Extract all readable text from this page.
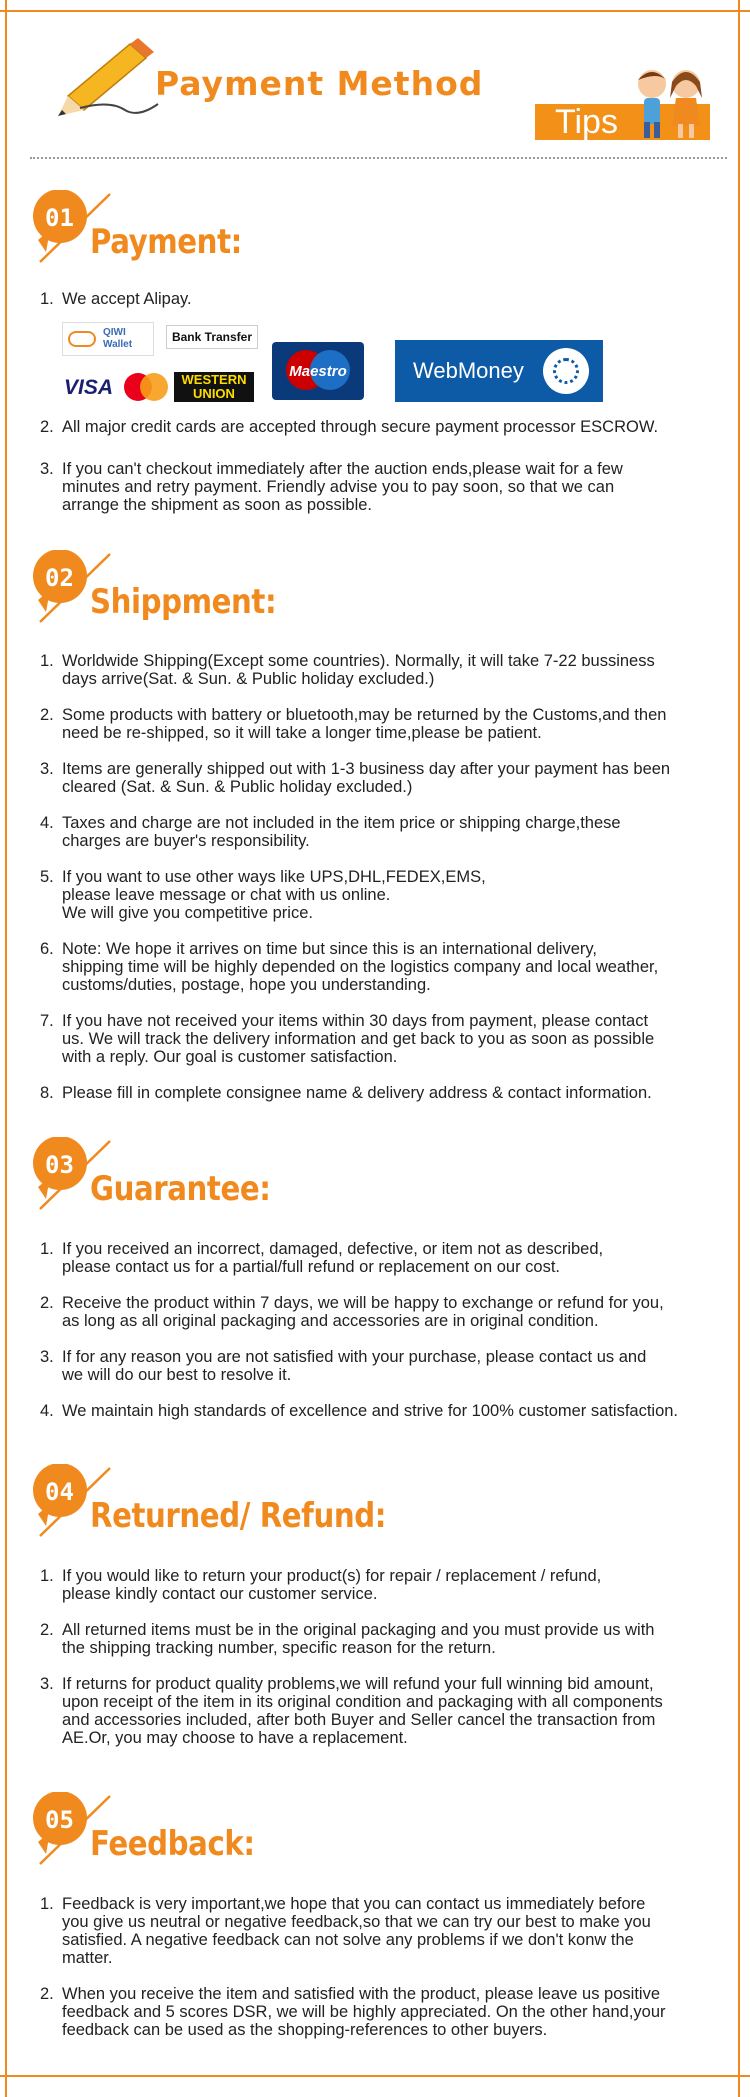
Payment Method
Tips
01
Payment:
1. We accept Alipay.
QIWI
Wallet
Bank Transfer
VISA	WESTERN
UNION
Maestro	WebMoney
2. All major credit cards are accepted through secure payment processor ESCROW.
3. If you can't checkout immediately after the auction ends,please wait for a few
minutes and retry payment. Friendly advise you to pay soon, so that we can
arrange the shipment as soon as possible.
02
Shippment:
1. Worldwide Shipping(Except some countries). Normally, it will take 7-22 bussiness
days arrive(Sat. & Sun. & Public holiday excluded.)
2. Some products with battery or bluetooth,may be returned by the Customs,and then
need be re-shipped, so it will take a longer time,please be patient.
3. Items are generally shipped out with 1-3 business day after your payment has been
cleared (Sat. & Sun. & Public holiday excluded.)
4. Taxes and charge are not included in the item price or shipping charge,these
charges are buyer's responsibility.
5. If you want to use other ways like UPS,DHL,FEDEX,EMS,
please leave message or chat with us online.
We will give you competitive price.
6. Note: We hope it arrives on time but since this is an international delivery,
shipping time will be highly depended on the logistics company and local weather,
customs/duties, postage, hope you understanding.
7. If you have not received your items within 30 days from payment, please contact
us. We will track the delivery information and get back to you as soon as possible
with a reply. Our goal is customer satisfaction.
8. Please fill in complete consignee name & delivery address & contact information.
03
Guarantee:
1. If you received an incorrect, damaged, defective, or item not as described,
please contact us for a partial/full refund or replacement on our cost.
2. Receive the product within 7 days, we will be happy to exchange or refund for you,
as long as all original packaging and accessories are in original condition.
3. If for any reason you are not satisfied with your purchase, please contact us and
we will do our best to resolve it.
4. We maintain high standards of excellence and strive for 100% customer satisfaction.
04
Returned/ Refund:
1. If you would like to return your product(s) for repair / replacement / refund,
please kindly contact our customer service.
2. All returned items must be in the original packaging and you must provide us with
the shipping tracking number, specific reason for the return.
3. If returns for product quality problems,we will refund your full winning bid amount,
upon receipt of the item in its original condition and packaging with all components
and accessories included, after both Buyer and Seller cancel the transaction from
AE.Or, you may choose to have a replacement.
05
Feedback:
1. Feedback is very important,we hope that you can contact us immediately before
you give us neutral or negative feedback,so that we can try our best to make you
satisfied. A negative feedback can not solve any problems if we don't konw the
matter.
2. When you receive the item and satisfied with the product, please leave us positive
feedback and 5 scores DSR, we will be highly appreciated. On the other hand,your
feedback can be used as the shopping-references to other buyers.
